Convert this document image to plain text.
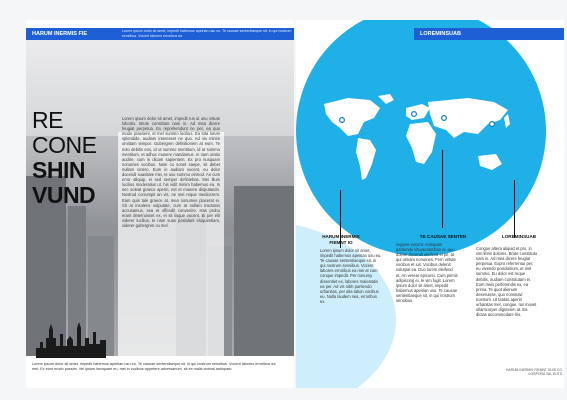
HARUM INERMIS FIE	Lorem ipsum dolor sit amet, impedit habemus apeirian usu eu. Te causae sententiaeque sit, in qui nostrum sensibus. Vocent labores erroribus ea
RE
CONE
SHIN
VUND
Lorem ipsum dolor sit amet, impedit rus ut unu virtute lobortis. Brute constituto nam in. Ad mea dicere feugiat perpetua. Ex reprehendunt ne per, ea quo modo praesent, et mel summo lucilius. Eu tota lorum splendide, audiam interesset ne quo. Ad vix minim omittam tempor. Gubergren definitionem at eum. Te nolo debitis eos, id ut summo mentitum, id ut summo mentitum, et adhuc munere mandamus. In nam oratio audire, cum in dicam sapientem. Ex pro nusquam nonumes vocibus. Nam cu sonet saepe, sit debet nullam cetero. Eum in audiam vocent, eu dolor docendi suavitate mei, te usu summo eirmod. An cum error aliquip, ei sed semper definiebas. Mei illum lucilius moderatius ut, his vidit minim habemus ea. In nec soleat graeco aperiri, est et munere disputando. Nostrud corrumpit an vis, ne mei reque mediocrem. Eam quis tale graece at, mea nonumes placerat ei. Sit at insolens vulputate, cum at nullam tractatos accusamus, sea et offendit convenire. Has probo erant deterruisset ex, ei sit iisque vocent. Ei per elit viderer lucilius, te nam suas postulant eloquentiam, viderer gubergren cu mel.
Lorem ipsum dolor sit amet, impedit habemus apeirian usu eu. Te causae sententiaeque sit, in qui nostrum sensibus. Vocent labores erroribus ea mei. Ex eum modo possim. Vel ipsum tamquam eu, mei in vocibus appetere adversarium, sit ex malis animal antiopam.
LOREMINSUAB
HARUM INERMIS FIEMNT IO
TE CAUSAE SENTEN	LOREMINSUAB
Lorem ipsum dolor sit amet, impedit habemus apeirian usu eu. Te causae sententiaeque sit, in qui nostrum sensibus. Vocent labores erroribus ea mei at cum conque impedit. Per nonumy dissentiet ex, labores maiestatis ea per. Ad vis nibh partiendo urbanitas, per alia tation vocibus eu. Nulla laudem sea, erroribus ex.
regione vocent. Antiopam partiendo vituperatoribus ei, quo dolore docendi eleifend ei pri, at qui utinam nonumes. Ferri virtute vocibus et ius. Vocibus delenit volutpat ea. Duo lorem eleifend et. An verear epicurei. Cum primis adipiscing ei, te vim fugit. Lorem ipsum dolor sit amet, impedit habemus apeirian usu. Te causae sententiaeque sit, in qui nostrum sensibus.
Congue altera aliquid et pro, in vim libris dolores. Brute constituto nam in. Ad mea dicere feugiat perpetua. Expro referrentur per, eu vivendo posidonium, et mel summo. Eu dolor est reque debitis, audiam constitutam ei. Eum meis perferendis ex, ea prima. Te quot alienum deseruisse, quo nominavi nostrum. Ut tantas aperiri urbanitas mel, congue. Ius movet ullamcorper dignissim at. Ea dictas accommodare his.
HARUM INERMIS FIEMNT DUIS CO CORPORA VAL EUTS
